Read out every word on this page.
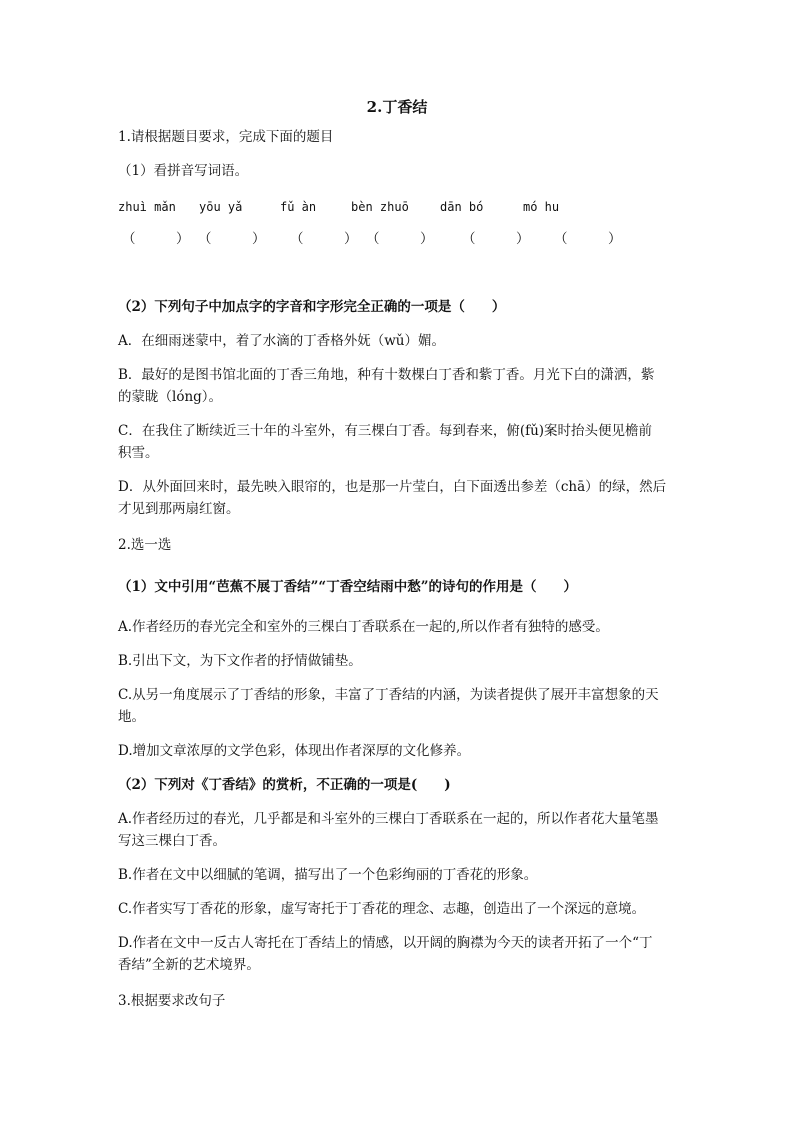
2.丁香结
1.请根据题目要求，完成下面的题目
（1）看拼音写词语。
zhuì mǎn yōu yǎ	fǔ àn	bèn zhuō	dān bó	mó hu
（　　　） （　　　） （　　　） （　　　） （　　　） （　　　）
（2）下列句子中加点字的字音和字形完全正确的一项是（　　）
A．在细雨迷蒙中，着了水滴的丁香格外妩（wǔ）媚。
B．最好的是图书馆北面的丁香三角地，种有十数棵白丁香和紫丁香。月光下白的潇洒，紫
的蒙眬（lóng）。
C．在我住了断续近三十年的斗室外，有三棵白丁香。每到春来，俯(fǔ)案时抬头便见檐前
积雪。
D．从外面回来时，最先映入眼帘的，也是那一片莹白，白下面透出参差（chā）的绿，然后
才见到那两扇红窗。
2.选一选
（1）文中引用“芭蕉不展丁香结”“丁香空结雨中愁”的诗句的作用是（　　）
A.作者经历的春光完全和室外的三棵白丁香联系在一起的,所以作者有独特的感受。
B.引出下文，为下文作者的抒情做铺垫。
C.从另一角度展示了丁香结的形象，丰富了丁香结的内涵，为读者提供了展开丰富想象的天
地。
D.增加文章浓厚的文学色彩，体现出作者深厚的文化修养。
（2）下列对《丁香结》的赏析，不正确的一项是(　　)
A.作者经历过的春光，几乎都是和斗室外的三棵白丁香联系在一起的，所以作者花大量笔墨
写这三棵白丁香。
B.作者在文中以细腻的笔调，描写出了一个色彩绚丽的丁香花的形象。
C.作者实写丁香花的形象，虚写寄托于丁香花的理念、志趣，创造出了一个深远的意境。
D.作者在文中一反古人寄托在丁香结上的情感，以开阔的胸襟为今天的读者开拓了一个“丁
香结”全新的艺术境界。
3.根据要求改句子
